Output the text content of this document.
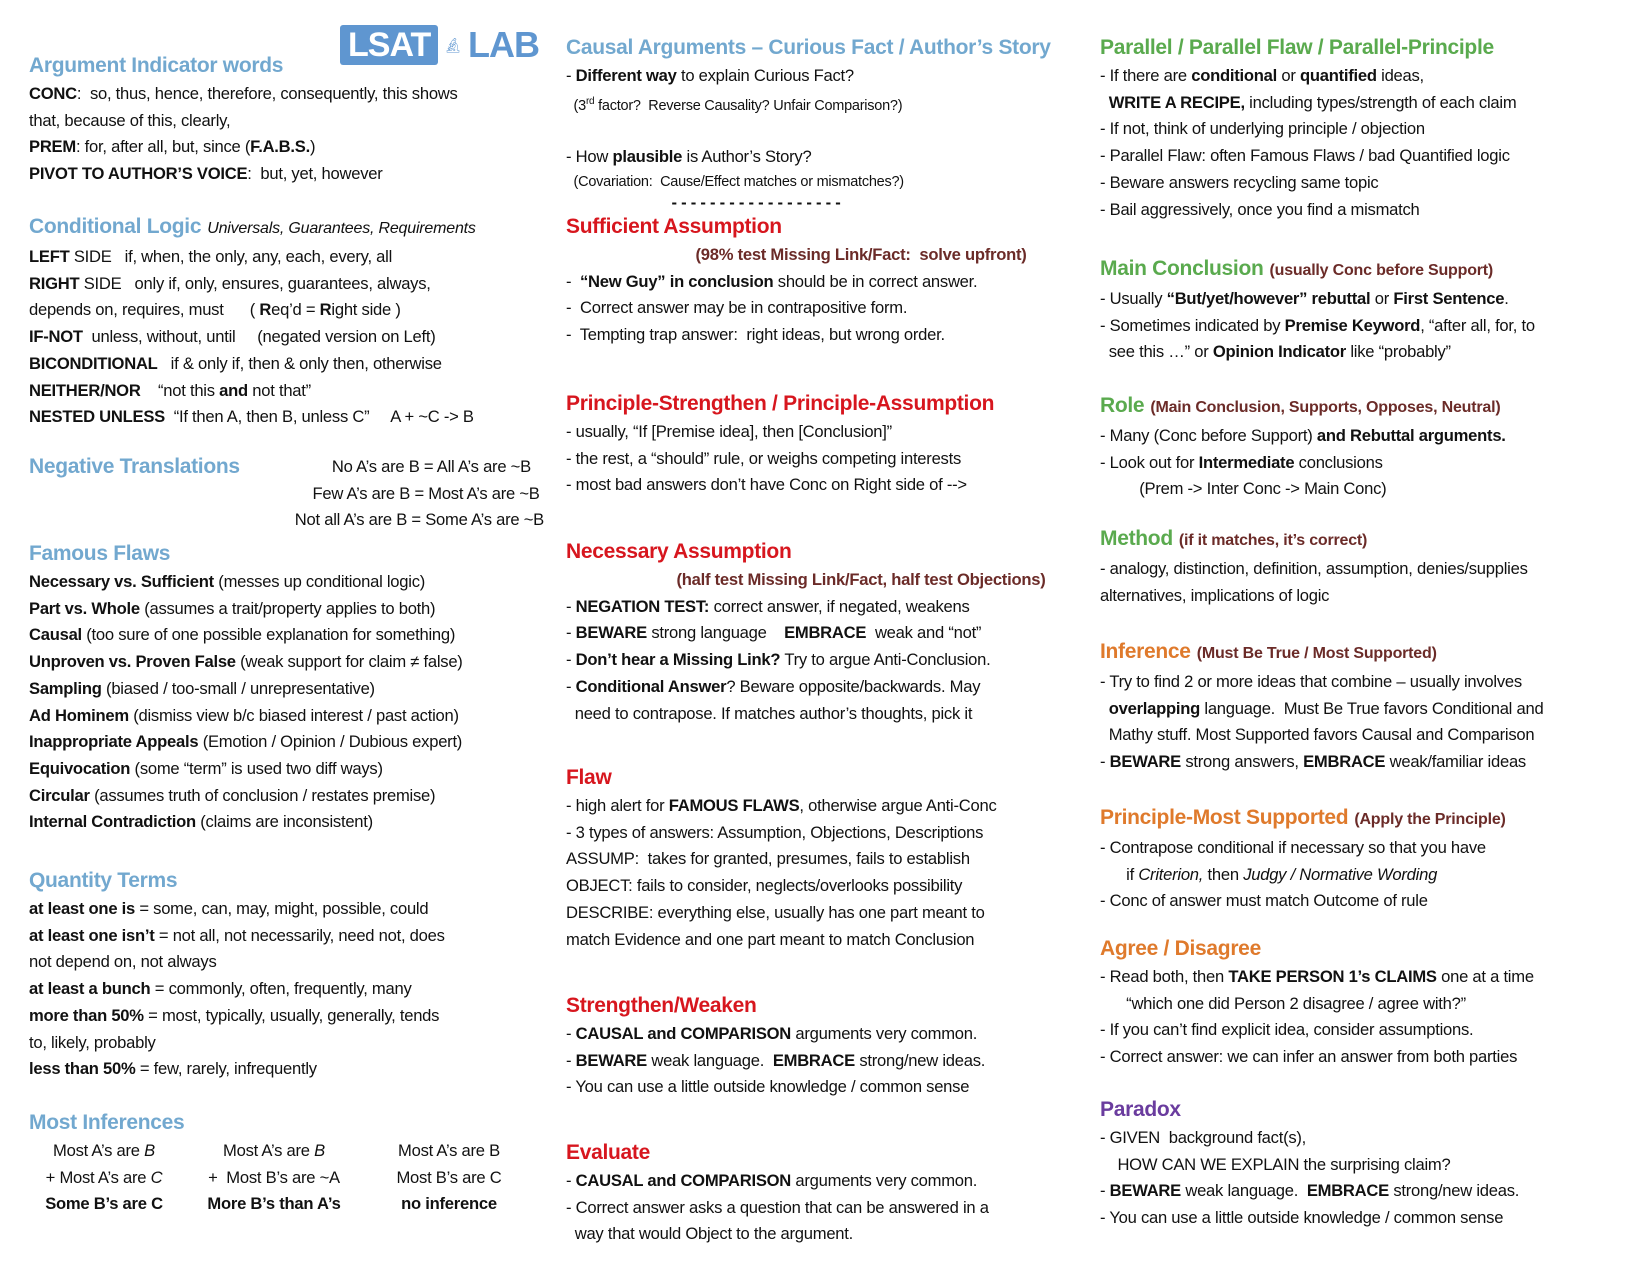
LSAT	🔬︎ LAB
Argument Indicator words
CONC:  so, thus, hence, therefore, consequently, this shows
that, because of this, clearly,
PREM: for, after all, but, since (F.A.B.S.)
PIVOT TO AUTHOR’S VOICE:  but, yet, however
Conditional Logic Universals, Guarantees, Requirements
LEFT SIDE   if, when, the only, any, each, every, all
RIGHT SIDE   only if, only, ensures, guarantees, always,
depends on, requires, must      ( Req’d = Right side )
IF-NOT  unless, without, until     (negated version on Left)
BICONDITIONAL   if & only if, then & only then, otherwise
NEITHER/NOR    “not this and not that”
NESTED UNLESS  “If then A, then B, unless C”     A + ~C -> B
Negative Translations	No A’s are B = All A’s are ~B
Few A’s are B = Most A’s are ~B
Not all A’s are B = Some A’s are ~B
Famous Flaws
Necessary vs. Sufficient (messes up conditional logic)
Part vs. Whole (assumes a trait/property applies to both)
Causal (too sure of one possible explanation for something)
Unproven vs. Proven False (weak support for claim ≠ false)
Sampling (biased / too-small / unrepresentative)
Ad Hominem (dismiss view b/c biased interest / past action)
Inappropriate Appeals (Emotion / Opinion / Dubious expert)
Equivocation (some “term” is used two diff ways)
Circular (assumes truth of conclusion / restates premise)
Internal Contradiction (claims are inconsistent)
Quantity Terms
at least one is = some, can, may, might, possible, could
at least one isn’t = not all, not necessarily, need not, does
not depend on, not always
at least a bunch = commonly, often, frequently, many
more than 50% = most, typically, usually, generally, tends
to, likely, probably
less than 50% = few, rarely, infrequently
Most Inferences
Most A’s are B	Most A’s are B	Most A’s are B
+ Most A’s are C	+  Most B’s are ~A	Most B’s are C
Some B’s are C	More B’s than A’s	no inference
Causal Arguments – Curious Fact / Author’s Story
- Different way to explain Curious Fact?
(3rd factor?  Reverse Causality? Unfair Comparison?)

- How plausible is Author’s Story?
(Covariation:  Cause/Effect matches or mismatches?)
- - - - - - - - - - - - - - - - - -
Sufficient Assumption
(98% test Missing Link/Fact:  solve upfront)
-  “New Guy” in conclusion should be in correct answer.
-  Correct answer may be in contrapositive form.
-  Tempting trap answer:  right ideas, but wrong order.
Principle-Strengthen / Principle-Assumption
- usually, “If [Premise idea], then [Conclusion]”
- the rest, a “should” rule, or weighs competing interests
- most bad answers don’t have Conc on Right side of -->
Necessary Assumption
(half test Missing Link/Fact, half test Objections)
- NEGATION TEST: correct answer, if negated, weakens
- BEWARE strong language    EMBRACE  weak and “not”
- Don’t hear a Missing Link? Try to argue Anti-Conclusion.
- Conditional Answer? Beware opposite/backwards. May
need to contrapose. If matches author’s thoughts, pick it
Flaw
- high alert for FAMOUS FLAWS, otherwise argue Anti-Conc
- 3 types of answers: Assumption, Objections, Descriptions
ASSUMP:  takes for granted, presumes, fails to establish
OBJECT: fails to consider, neglects/overlooks possibility
DESCRIBE: everything else, usually has one part meant to
match Evidence and one part meant to match Conclusion
Strengthen/Weaken
- CAUSAL and COMPARISON arguments very common.
- BEWARE weak language.  EMBRACE strong/new ideas.
- You can use a little outside knowledge / common sense
Evaluate
- CAUSAL and COMPARISON arguments very common.
- Correct answer asks a question that can be answered in a
way that would Object to the argument.
Parallel / Parallel Flaw / Parallel-Principle
- If there are conditional or quantified ideas,
WRITE A RECIPE, including types/strength of each claim
- If not, think of underlying principle / objection
- Parallel Flaw: often Famous Flaws / bad Quantified logic
- Beware answers recycling same topic
- Bail aggressively, once you find a mismatch
Main Conclusion (usually Conc before Support)
- Usually “But/yet/however” rebuttal or First Sentence.
- Sometimes indicated by Premise Keyword, “after all, for, to
see this …” or Opinion Indicator like “probably”
Role (Main Conclusion, Supports, Opposes, Neutral)
- Many (Conc before Support) and Rebuttal arguments.
- Look out for Intermediate conclusions
(Prem -> Inter Conc -> Main Conc)
Method (if it matches, it’s correct)
- analogy, distinction, definition, assumption, denies/supplies
alternatives, implications of logic
Inference (Must Be True / Most Supported)
- Try to find 2 or more ideas that combine – usually involves
overlapping language.  Must Be True favors Conditional and
Mathy stuff. Most Supported favors Causal and Comparison
- BEWARE strong answers, EMBRACE weak/familiar ideas
Principle-Most Supported (Apply the Principle)
- Contrapose conditional if necessary so that you have
if Criterion, then Judgy / Normative Wording
- Conc of answer must match Outcome of rule
Agree / Disagree
- Read both, then TAKE PERSON 1’s CLAIMS one at a time
“which one did Person 2 disagree / agree with?”
- If you can’t find explicit idea, consider assumptions.
- Correct answer: we can infer an answer from both parties
Paradox
- GIVEN  background fact(s),
HOW CAN WE EXPLAIN the surprising claim?
- BEWARE weak language.  EMBRACE strong/new ideas.
- You can use a little outside knowledge / common sense
